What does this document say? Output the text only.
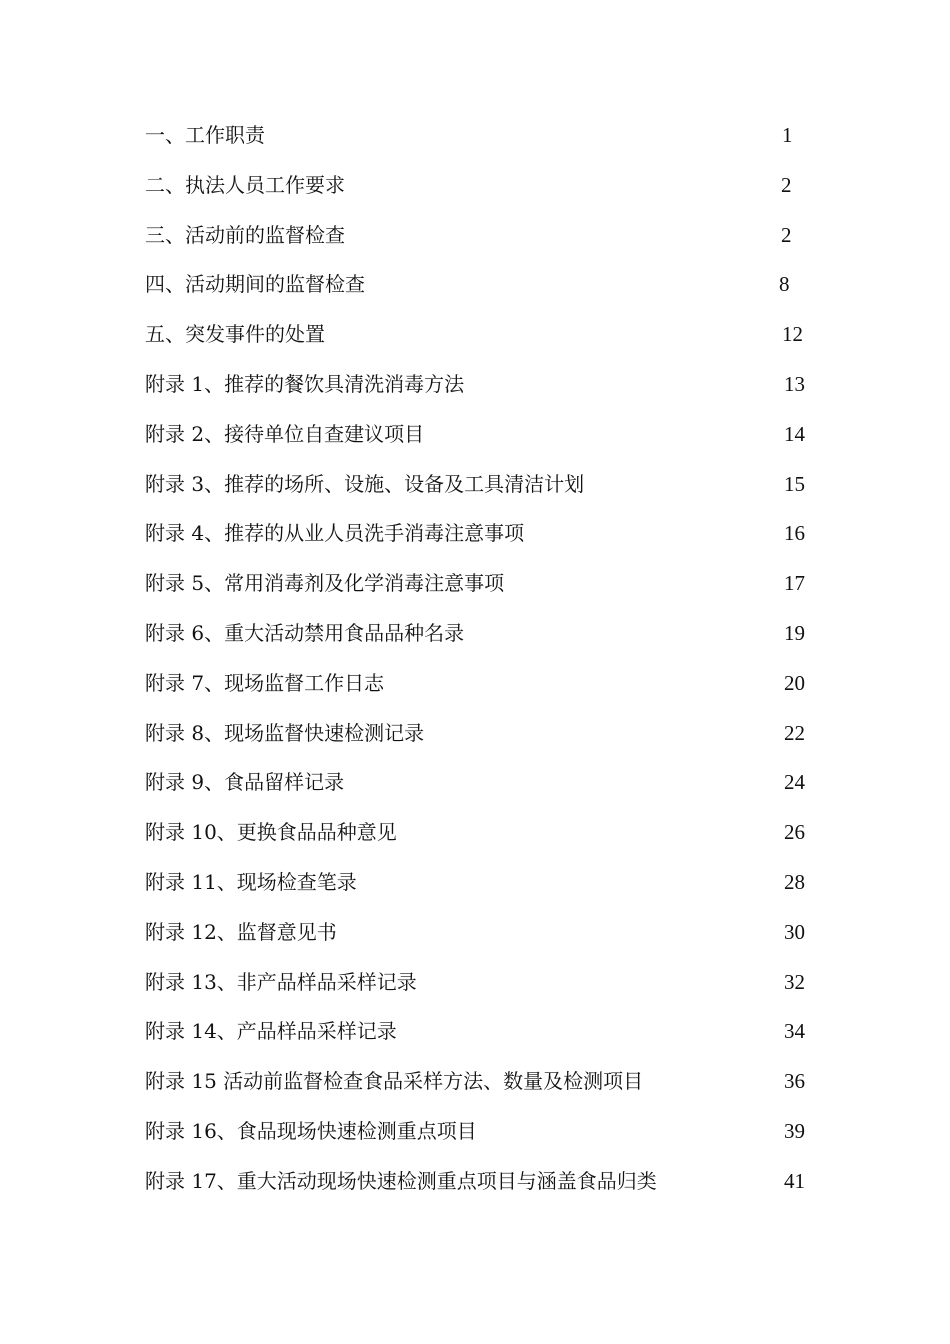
一、工作职责	1
二、执法人员工作要求	2
三、活动前的监督检查	2
四、活动期间的监督检查	8
五、突发事件的处置	12
附录 1、推荐的餐饮具清洗消毒方法	13
附录 2、接待单位自查建议项目	14
附录 3、推荐的场所、设施、设备及工具清洁计划	15
附录 4、推荐的从业人员洗手消毒注意事项	16
附录 5、常用消毒剂及化学消毒注意事项	17
附录 6、重大活动禁用食品品种名录	19
附录 7、现场监督工作日志	20
附录 8、现场监督快速检测记录	22
附录 9、食品留样记录	24
附录 10、更换食品品种意见	26
附录 11、现场检查笔录	28
附录 12、监督意见书	30
附录 13、非产品样品采样记录	32
附录 14、产品样品采样记录	34
附录 15 活动前监督检查食品采样方法、数量及检测项目	36
附录 16、食品现场快速检测重点项目	39
附录 17、重大活动现场快速检测重点项目与涵盖食品归类	41
